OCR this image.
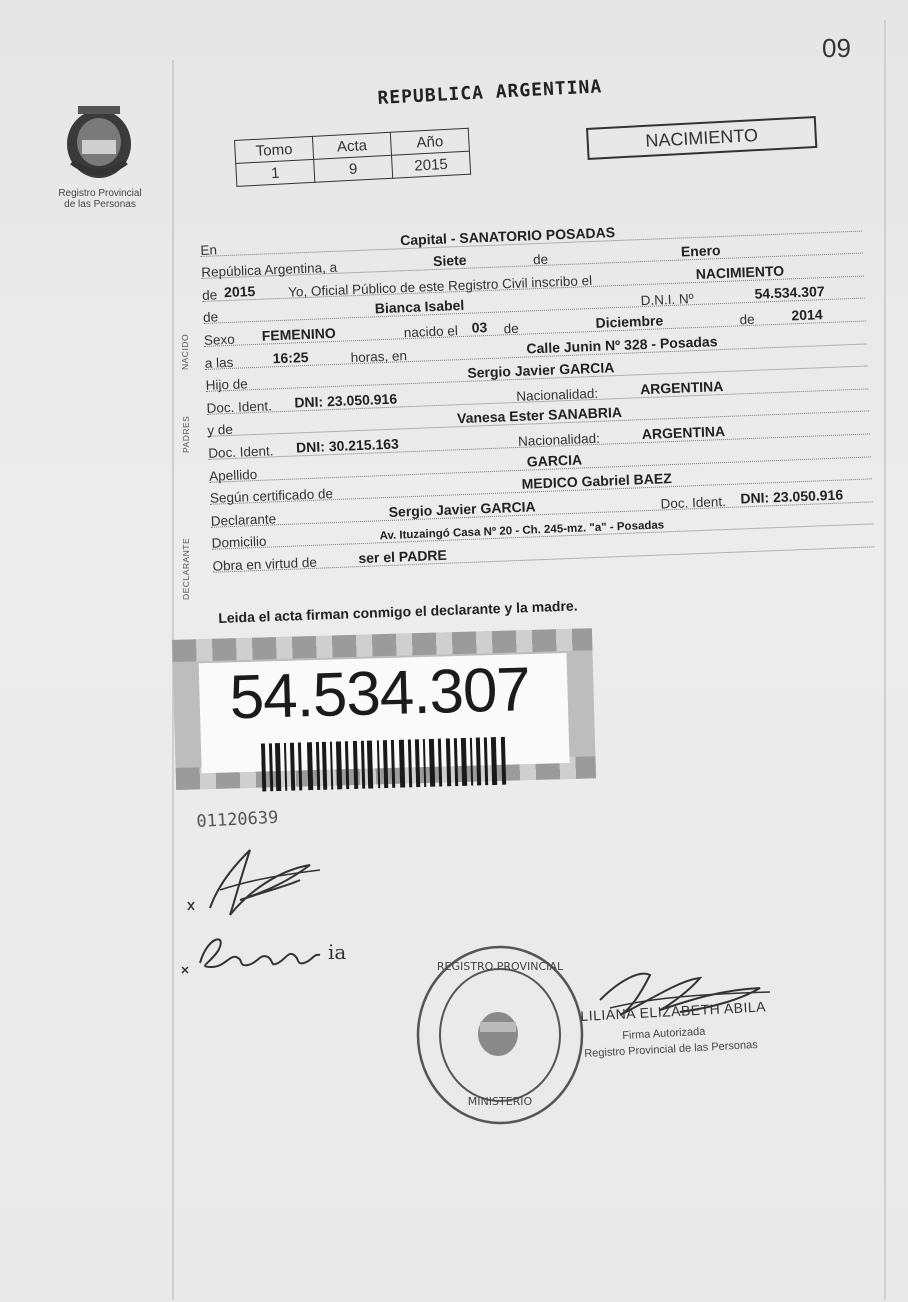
09
Registro Provincial
de las Personas
REPUBLICA ARGENTINA
Tomo	Acta	Año
1	9	2015
NACIMIENTO
NACIDO
PADRES
DECLARANTE
En
Capital - SANATORIO POSADAS
República Argentina, a	Siete	de	Enero
de 2015 Yo, Oficial Público de este Registro Civil inscribo el
NACIMIENTO
de
Bianca Isabel	D.N.I. Nº	54.534.307
Sexo FEMENINO	nacido el 03 de	Diciembre	de	2014
a las	16:25	horas, en
Calle Junin Nº 328 - Posadas
Hijo de
Sergio Javier GARCIA
Doc. Ident. DNI: 23.050.916	Nacionalidad:	ARGENTINA
y de
Vanesa Ester SANABRIA
Doc. Ident. DNI: 30.215.163	Nacionalidad:	ARGENTINA
Apellido
GARCIA
Según certificado de
MEDICO Gabriel BAEZ
Declarante
Sergio Javier GARCIA	Doc. Ident. DNI: 23.050.916
Domicilio	Av. Ituzaingó Casa Nº 20 - Ch. 245-mz. "a" - Posadas
Obra en virtud de	ser el PADRE
Leida el acta firman conmigo el declarante y la madre.
54.534.307
01120639
ia
REGISTRO PROVINCIAL
MINISTERIO
LILIANA ELIZABETH ABILA
Firma Autorizada
Registro Provincial de las Personas
